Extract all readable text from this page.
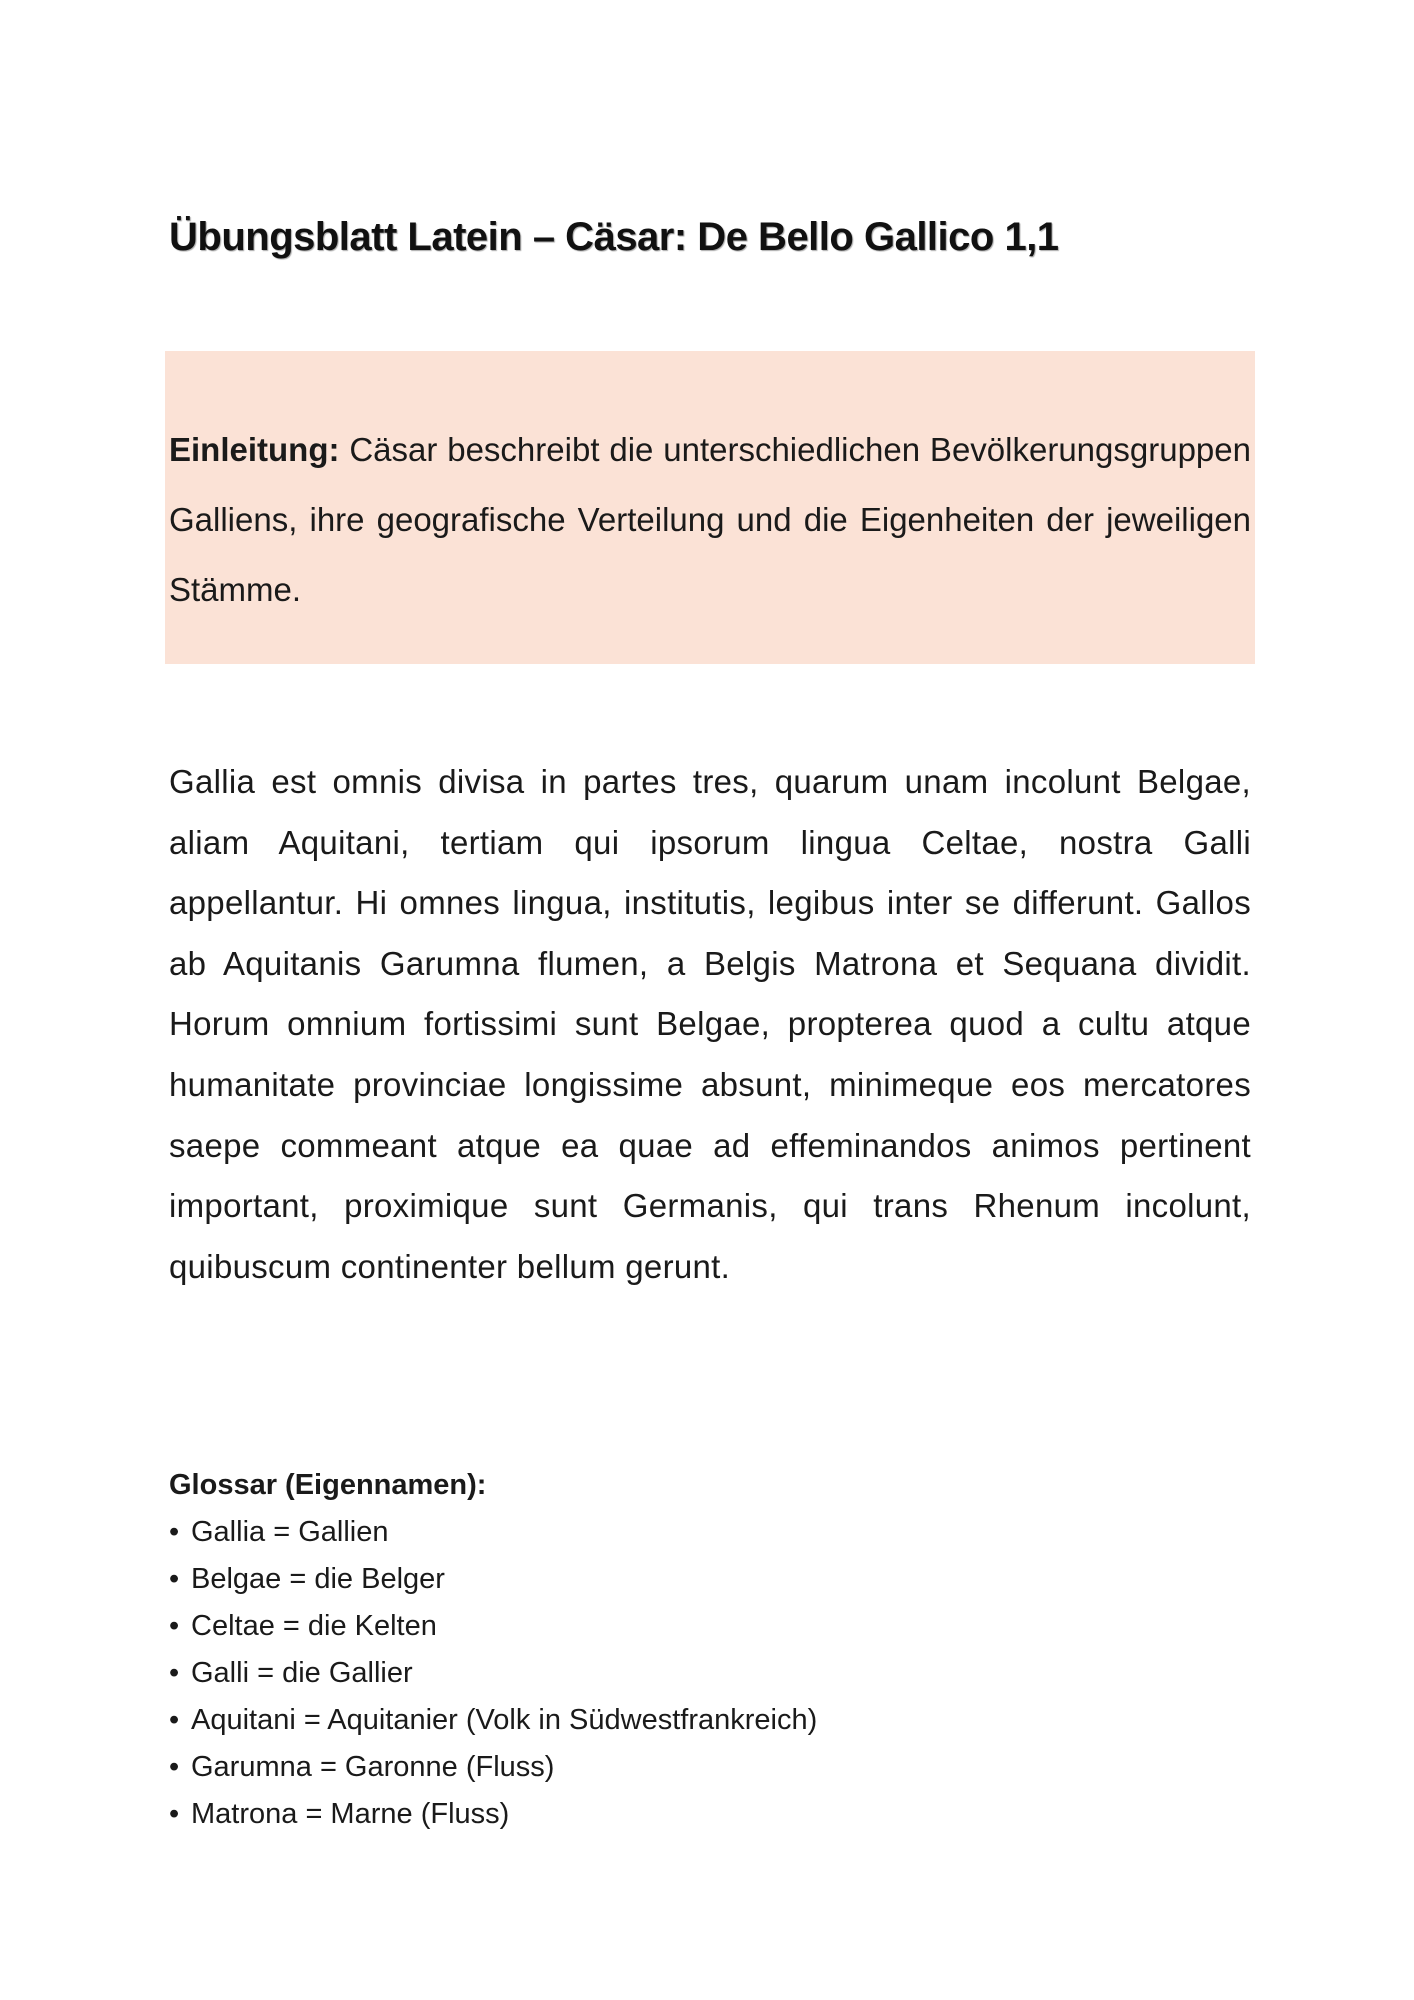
Übungsblatt Latein – Cäsar: De Bello Gallico 1,1

Einleitung: Cäsar beschreibt die unterschiedlichen Bevölkerungsgruppen Galliens, ihre geografische Verteilung und die Eigenheiten der jeweiligen Stämme.

Gallia est omnis divisa in partes tres, quarum unam incolunt Belgae, aliam Aquitani, tertiam qui ipsorum lingua Celtae, nostra Galli appellantur. Hi omnes lingua, institutis, legibus inter se differunt. Gallos ab Aquitanis Garumna flumen, a Belgis Matrona et Sequana dividit. Horum omnium fortissimi sunt Belgae, propterea quod a cultu atque humanitate provinciae longissime absunt, minimeque eos mercatores saepe commeant atque ea quae ad effeminandos animos pertinent important, proximique sunt Germanis, qui trans Rhenum incolunt, quibuscum continenter bellum gerunt.

Glossar (Eigennamen):

• Gallia = Gallien
• Belgae = die Belger
• Celtae = die Kelten
• Galli = die Gallier
• Aquitani = Aquitanier (Volk in Südwestfrankreich)
• Garumna = Garonne (Fluss)
• Matrona = Marne (Fluss)
